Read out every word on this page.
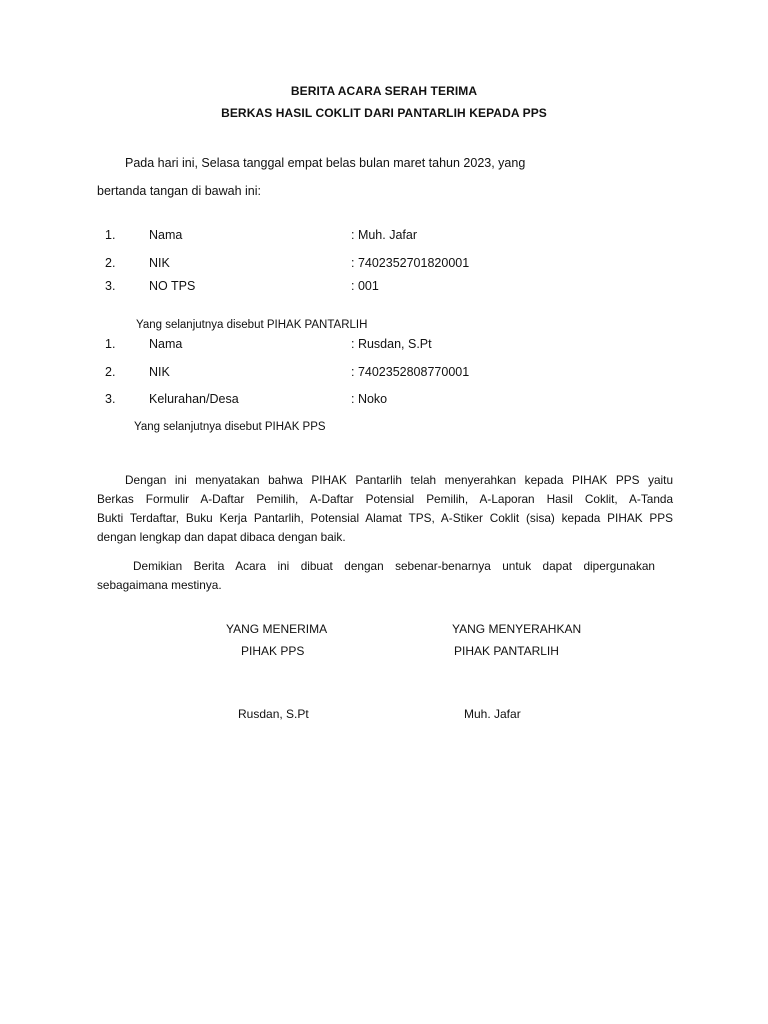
BERITA ACARA SERAH TERIMA
BERKAS HASIL COKLIT DARI PANTARLIH KEPADA PPS
Pada hari ini, Selasa tanggal empat belas bulan maret tahun 2023, yang
bertanda tangan di bawah ini:
1.	Nama	: Muh. Jafar
2.	NIK	: 7402352701820001
3.	NO TPS	: 001
Yang selanjutnya disebut PIHAK PANTARLIH
1.	Nama	: Rusdan, S.Pt
2.	NIK	: 7402352808770001
3.	Kelurahan/Desa	: Noko
Yang selanjutnya disebut PIHAK PPS
Dengan ini menyatakan bahwa PIHAK Pantarlih telah menyerahkan kepada PIHAK PPS yaitu
Berkas Formulir A-Daftar Pemilih, A-Daftar Potensial Pemilih, A-Laporan Hasil Coklit, A-Tanda
Bukti Terdaftar, Buku Kerja Pantarlih, Potensial Alamat TPS, A-Stiker Coklit (sisa) kepada PIHAK PPS
dengan lengkap dan dapat dibaca dengan baik.
Demikian Berita Acara ini dibuat dengan sebenar-benarnya untuk dapat dipergunakan
sebagaimana mestinya.
YANG MENERIMA
PIHAK PPS
Rusdan, S.Pt
YANG MENYERAHKAN
PIHAK PANTARLIH
Muh. Jafar
